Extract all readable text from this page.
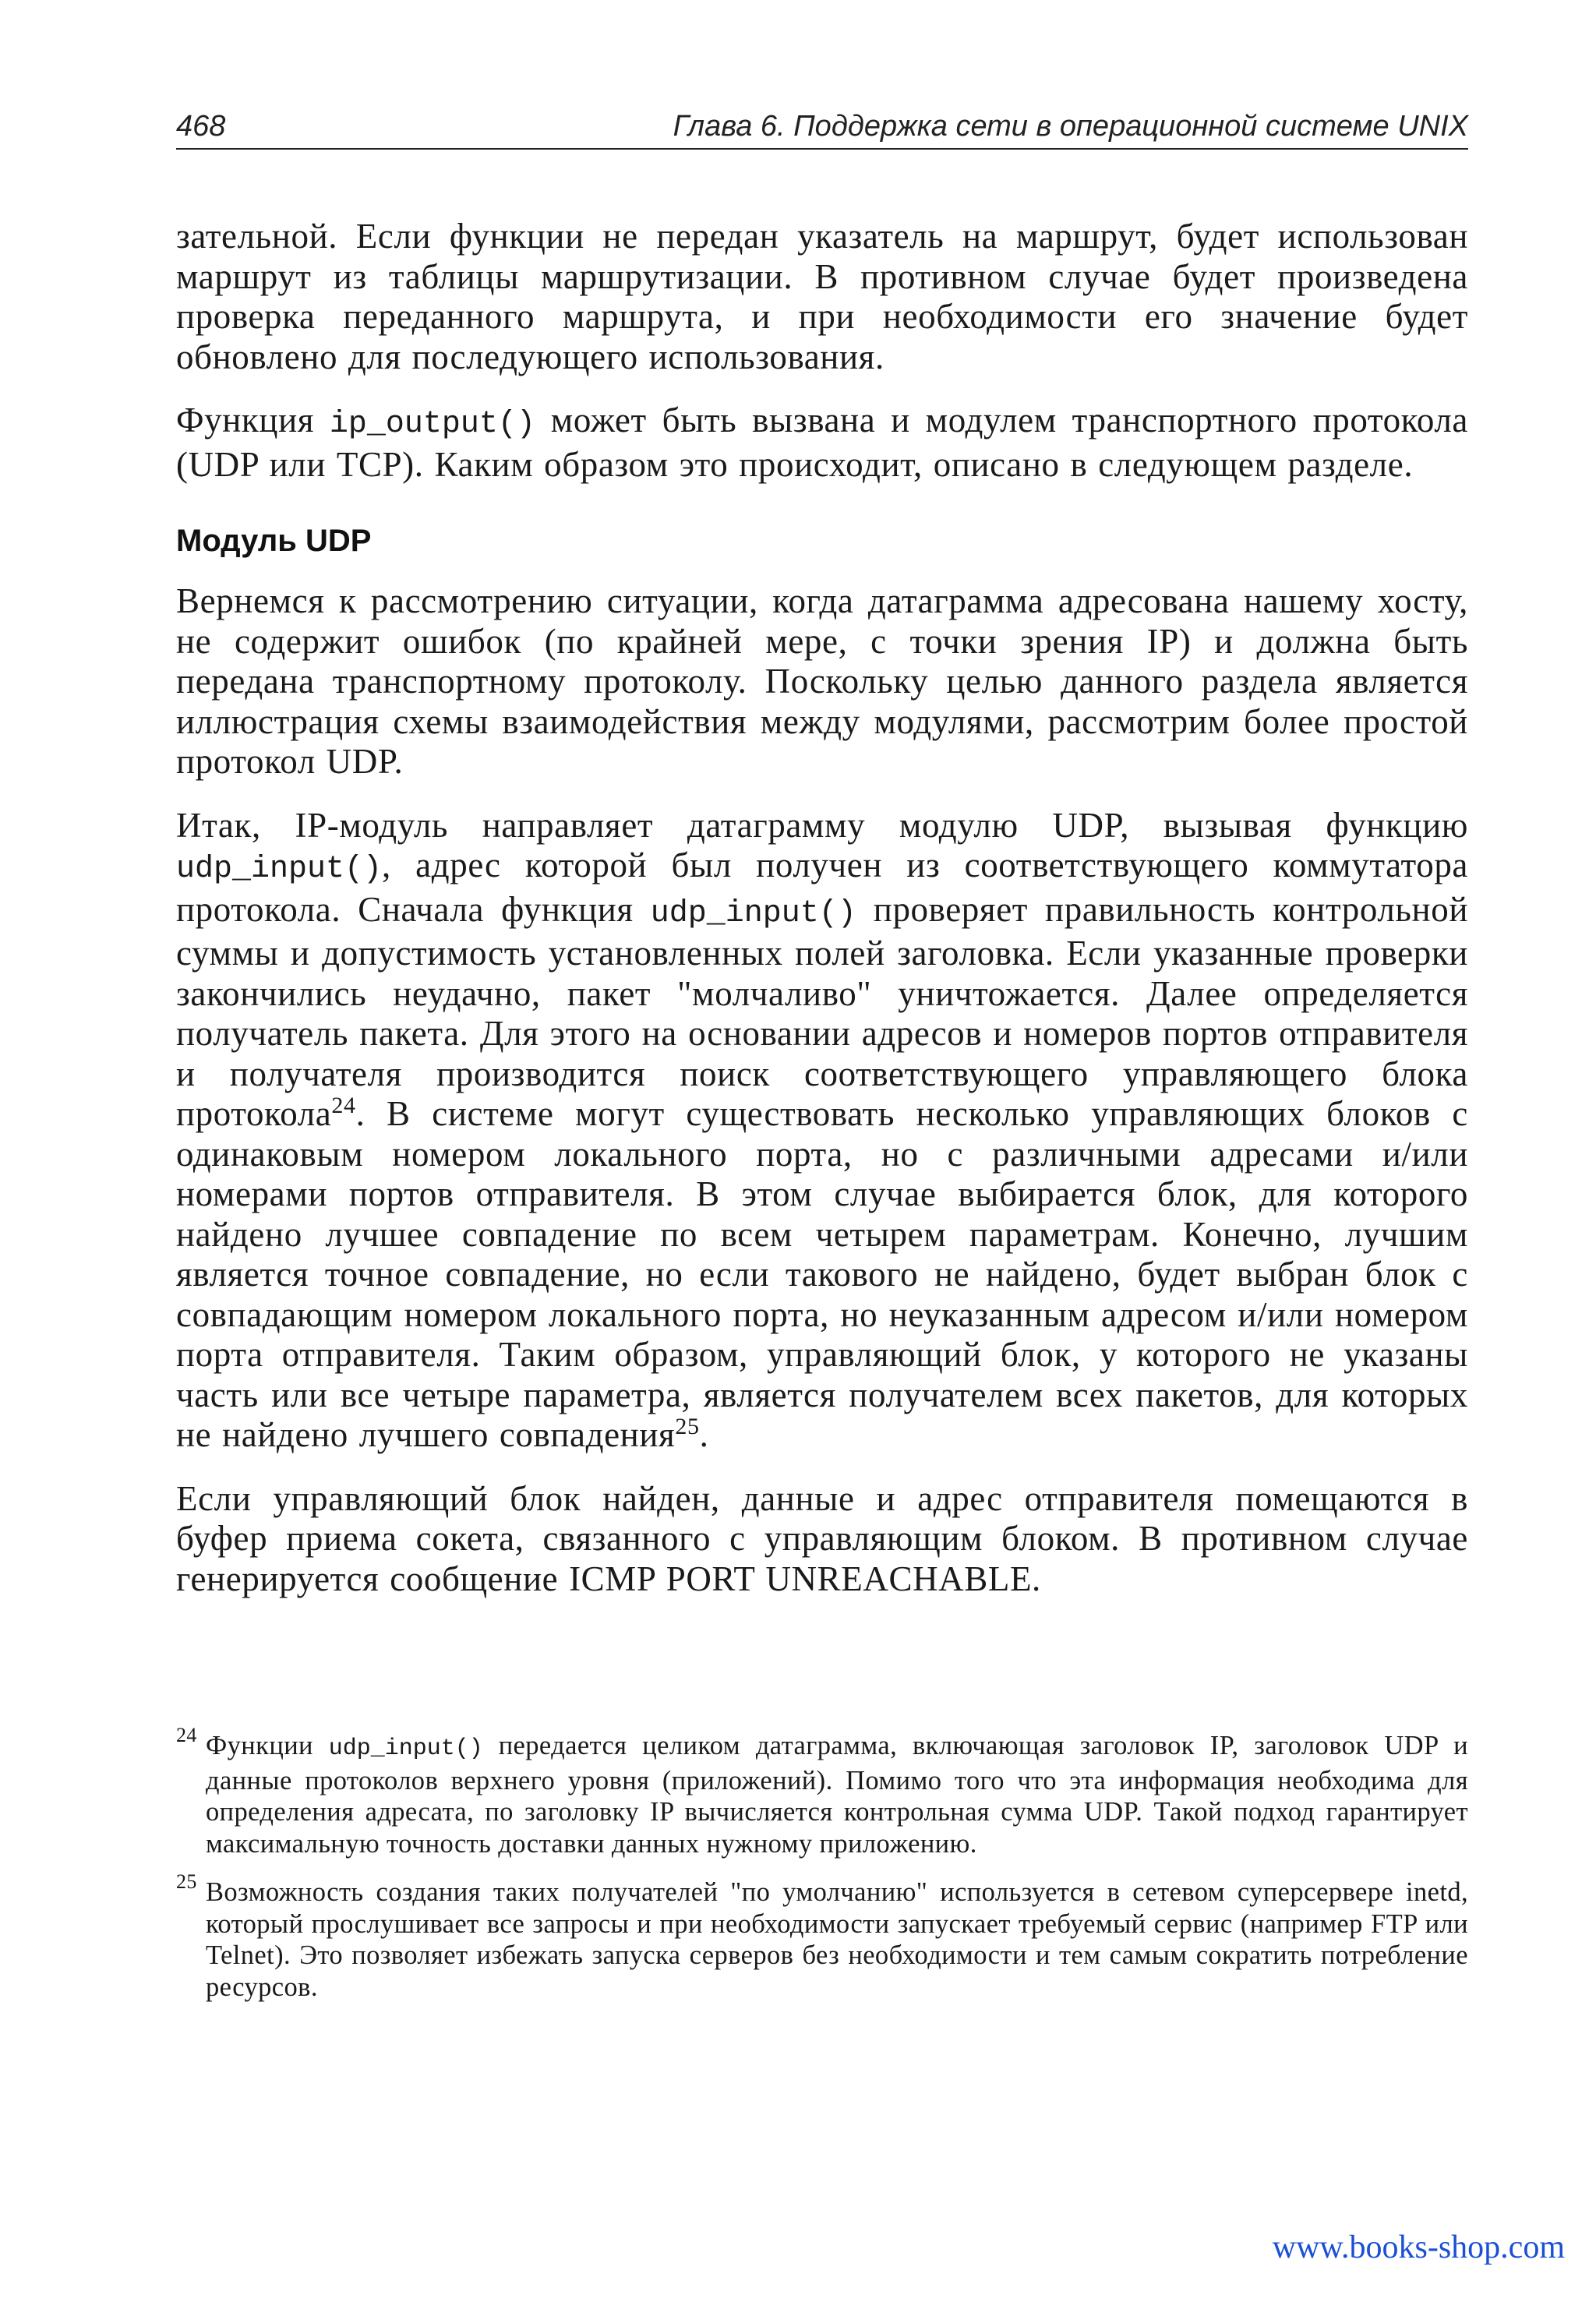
468	Глава 6. Поддержка сети в операционной системе UNIX

зательной. Если функции не передан указатель на маршрут, будет использован маршрут из таблицы маршрутизации. В противном случае будет произведена проверка переданного маршрута, и при необходимости его значение будет обновлено для последующего использования.

Функция ip_output() может быть вызвана и модулем транспортного протокола (UDP или TCP). Каким образом это происходит, описано в следующем разделе.

Модуль UDP

Вернемся к рассмотрению ситуации, когда датаграмма адресована нашему хосту, не содержит ошибок (по крайней мере, с точки зрения IP) и должна быть передана транспортному протоколу. Поскольку целью данного раздела является иллюстрация схемы взаимодействия между модулями, рассмотрим более простой протокол UDP.

Итак, IP-модуль направляет датаграмму модулю UDP, вызывая функцию udp_input(), адрес которой был получен из соответствующего коммутатора протокола. Сначала функция udp_input() проверяет правильность контрольной суммы и допустимость установленных полей заголовка. Если указанные проверки закончились неудачно, пакет "молчаливо" уничтожается. Далее определяется получатель пакета. Для этого на основании адресов и номеров портов отправителя и получателя производится поиск соответствующего управляющего блока протокола$^{24}$. В системе могут существовать несколько управляющих блоков с одинаковым номером локального порта, но с различными адресами и/или номерами портов отправителя. В этом случае выбирается блок, для которого найдено лучшее совпадение по всем четырем параметрам. Конечно, лучшим является точное совпадение, но если такового не найдено, будет выбран блок с совпадающим номером локального порта, но неуказанным адресом и/или номером порта отправителя. Таким образом, управляющий блок, у которого не указаны часть или все четыре параметра, является получателем всех пакетов, для которых не найдено лучшего совпадения$^{25}$.

Если управляющий блок найден, данные и адрес отправителя помещаются в буфер приема сокета, связанного с управляющим блоком. В противном случае генерируется сообщение ICMP PORT UNREACHABLE.

24 Функции udp_input() передается целиком датаграмма, включающая заголовок IP, заголовок UDP и данные протоколов верхнего уровня (приложений). Помимо того что эта информация необходима для определения адресата, по заголовку IP вычисляется контрольная сумма UDP. Такой подход гарантирует максимальную точность доставки данных нужному приложению.

25 Возможность создания таких получателей "по умолчанию" используется в сетевом суперсервере inetd, который прослушивает все запросы и при необходимости запускает требуемый сервис (например FTP или Telnet). Это позволяет избежать запуска серверов без необходимости и тем самым сократить потребление ресурсов.

www.books-shop.com
